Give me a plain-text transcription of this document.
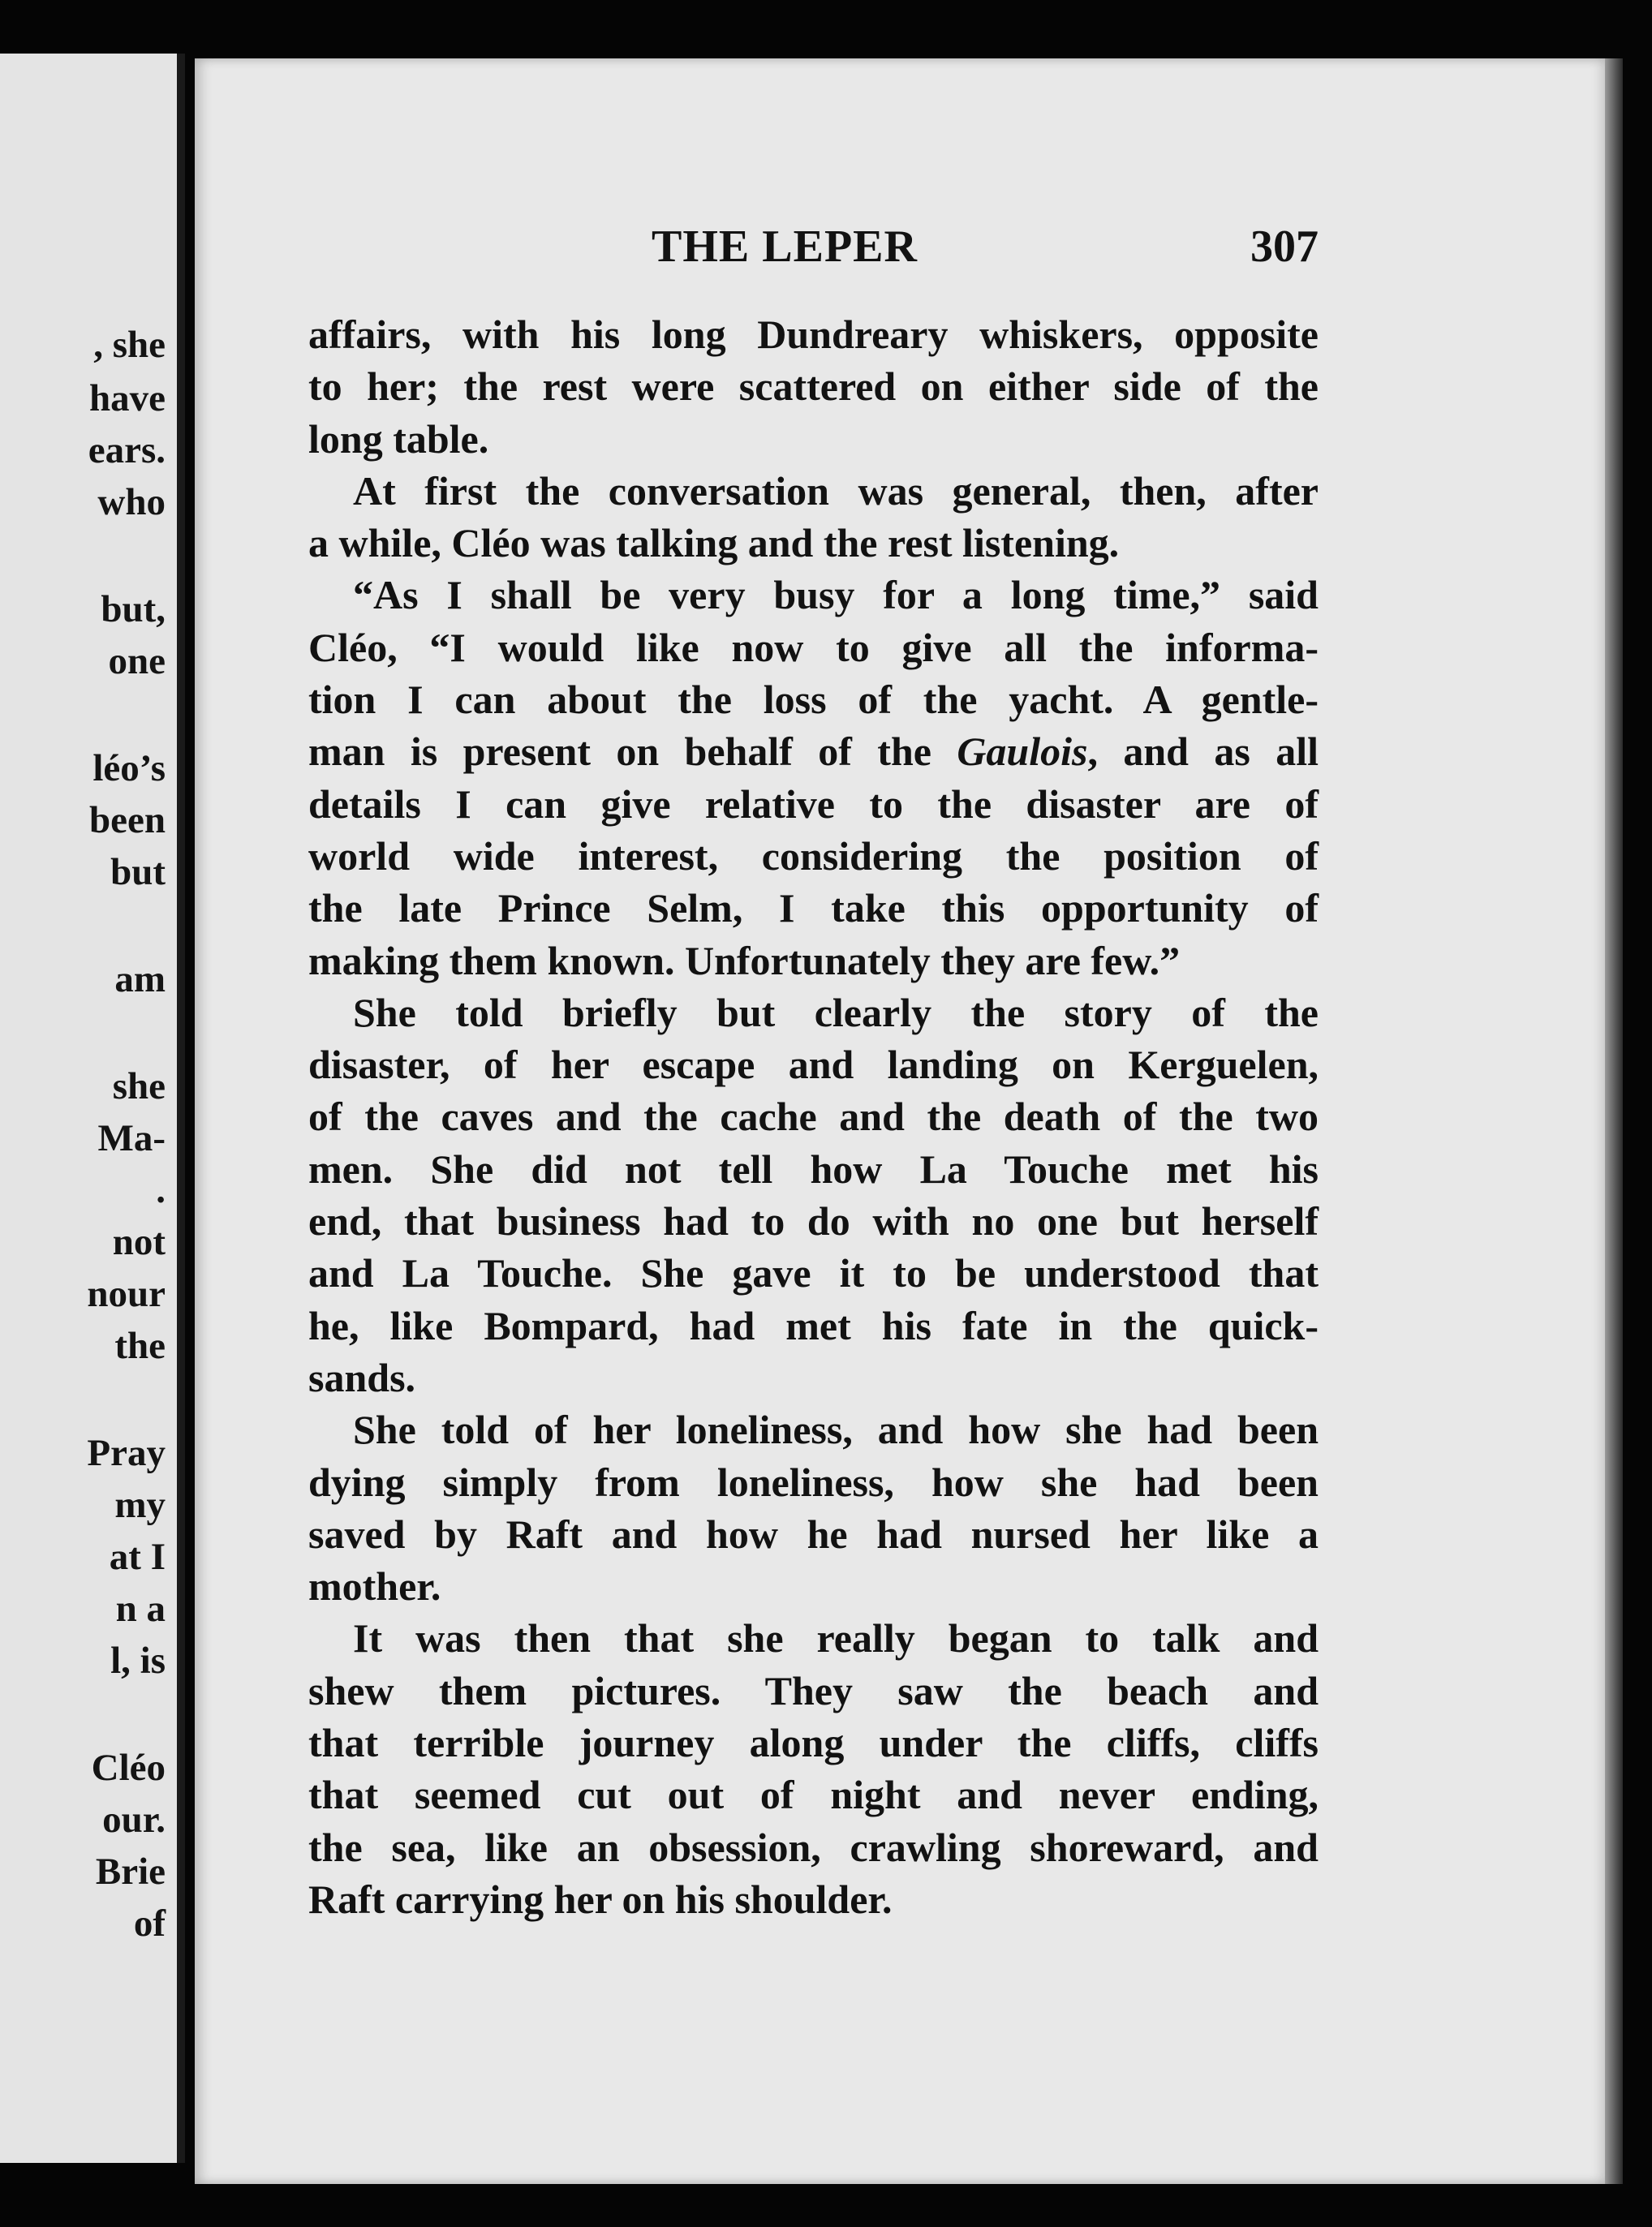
, she
have
ears.
who
but,
one
léo’s
been
but
am
she
Ma-
.
not
nour
the
Pray
my
at I
n a
l, is
Cléo
our.
Brie
of
THE LEPER	307
affairs, with his long Dundreary whiskers, opposite
to her; the rest were scattered on either side of the
long table.
At first the conversation was general, then, after
a while, Cléo was talking and the rest listening.
“As I shall be very busy for a long time,” said
Cléo, “I would like now to give all the informa-
tion I can about the loss of the yacht. A gentle-
man is present on behalf of the Gaulois, and as all
details I can give relative to the disaster are of
world wide interest, considering the position of
the late Prince Selm, I take this opportunity of
making them known. Unfortunately they are few.”
She told briefly but clearly the story of the
disaster, of her escape and landing on Kerguelen,
of the caves and the cache and the death of the two
men. She did not tell how La Touche met his
end, that business had to do with no one but herself
and La Touche. She gave it to be understood that
he, like Bompard, had met his fate in the quick-
sands.
She told of her loneliness, and how she had been
dying simply from loneliness, how she had been
saved by Raft and how he had nursed her like a
mother.
It was then that she really began to talk and
shew them pictures. They saw the beach and
that terrible journey along under the cliffs, cliffs
that seemed cut out of night and never ending,
the sea, like an obsession, crawling shoreward, and
Raft carrying her on his shoulder.
